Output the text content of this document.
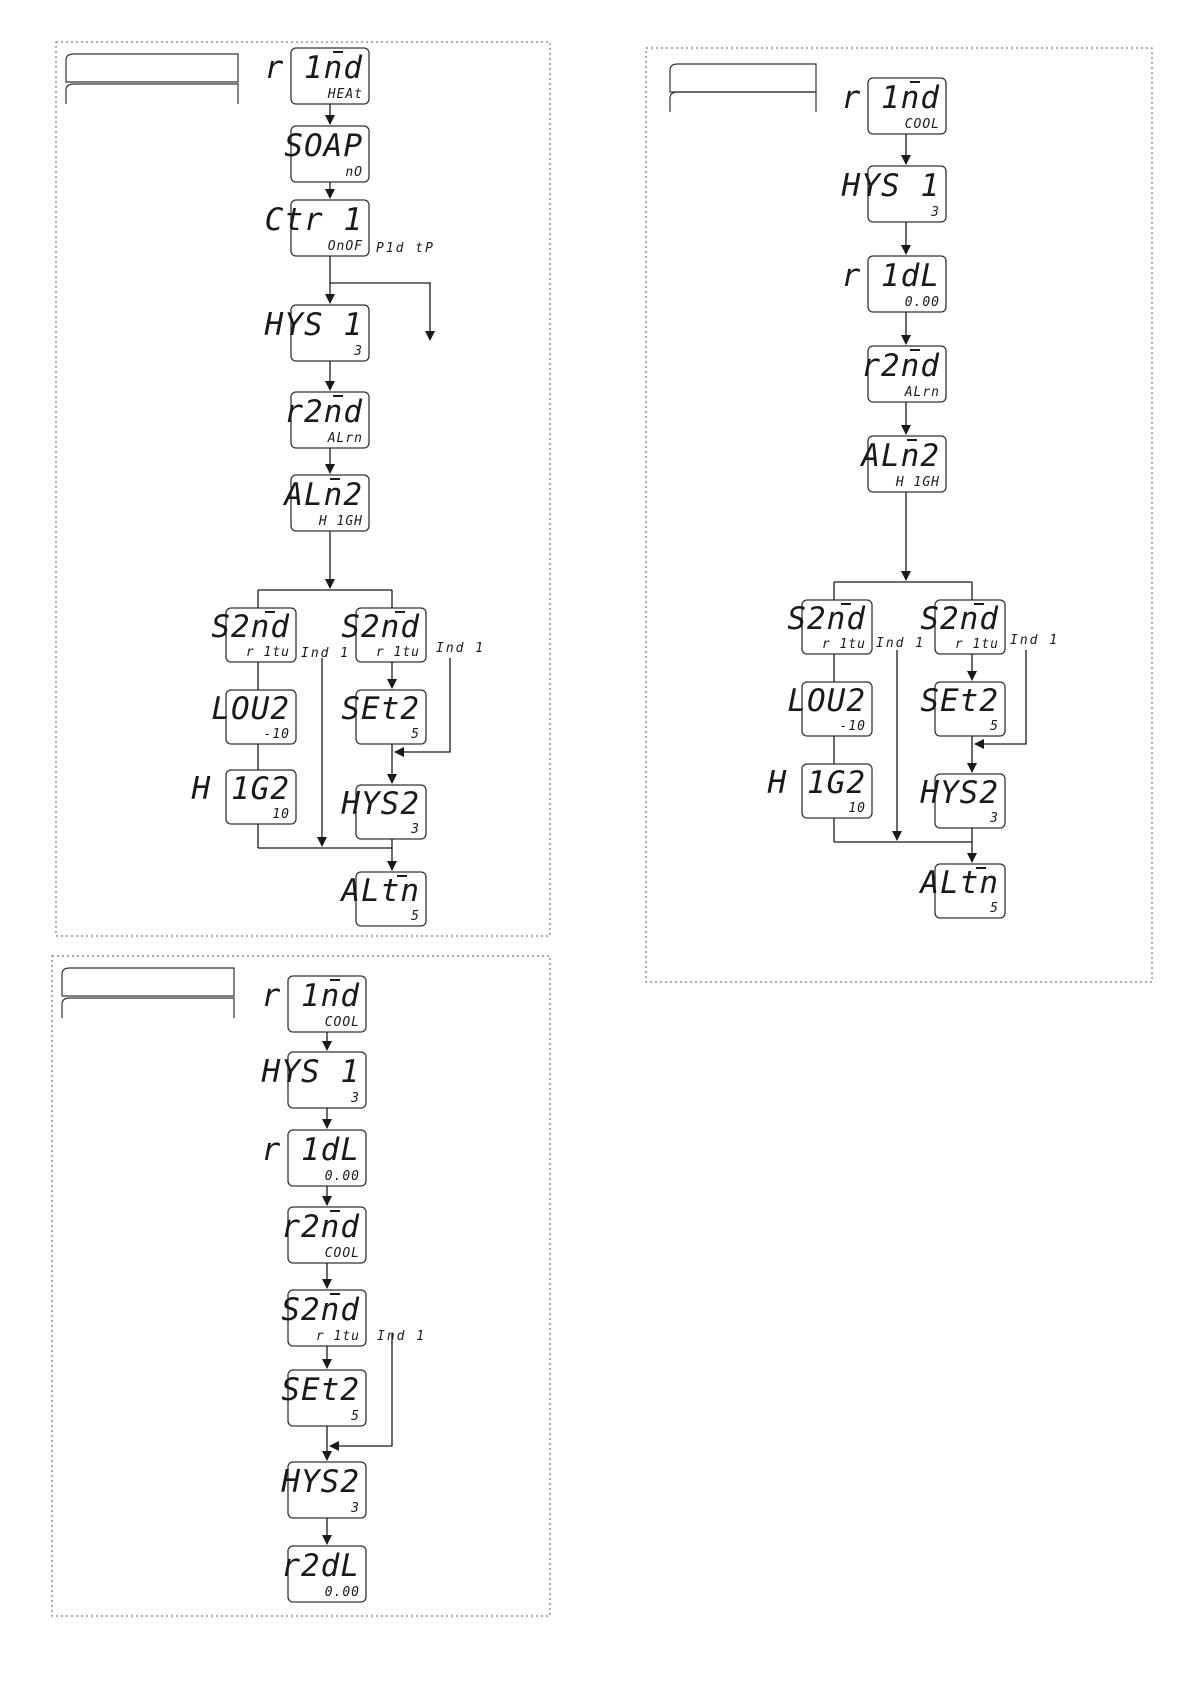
r 1nd
HEAt
SOAP
nO
Ctr 1
OnOF
HYS 1
3
r2nd
ALrn
ALn2
H 1GH
S2nd
r 1tu
LOU2
-10
H 1G2
10
S2nd
r 1tu
SEt2
5
HYS2
3
ALtn
5
P1d tP
Ind 1	Ind 1
r 1nd
COOL
HYS 1
3
r 1dL
0.00
r2nd
COOL
S2nd
r 1tu
SEt2
5
HYS2
3
r2dL
0.00
Ind 1
r 1nd
COOL
HYS 1
3
r 1dL
0.00
r2nd
ALrn
ALn2
H 1GH
S2nd
r 1tu
LOU2
-10
H 1G2
10
S2nd
r 1tu
SEt2
5
HYS2
3
ALtn
5
Ind 1	Ind 1
